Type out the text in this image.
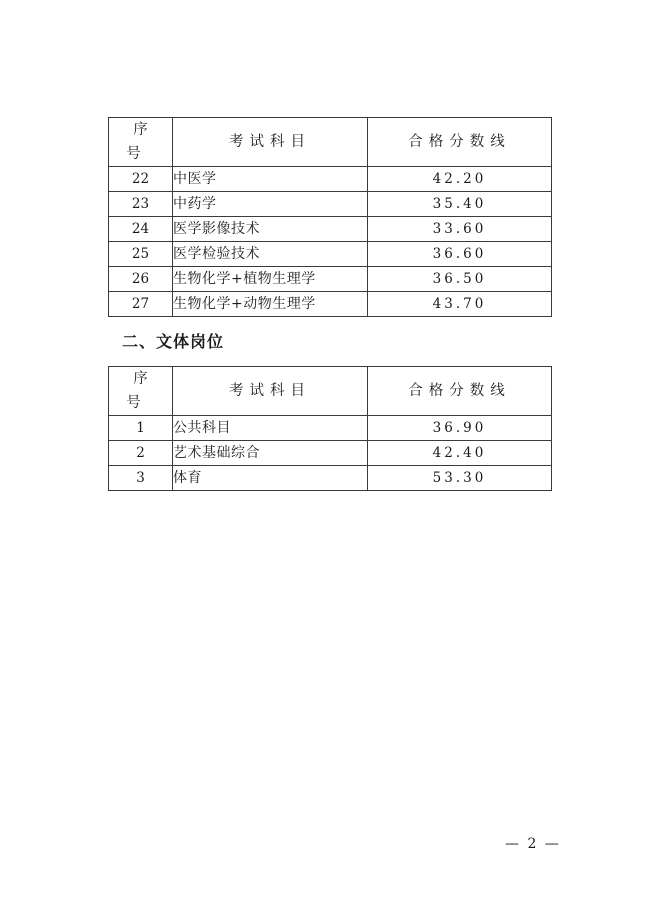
序 号	考试科目	合格分数线
22	中医学	42.20
23	中药学	35.40
24	医学影像技术	33.60
25	医学检验技术	36.60
26	生物化学+植物生理学	36.50
27	生物化学+动物生理学	43.70
二、文体岗位
序 号	考试科目	合格分数线
1	公共科目	36.90
2	艺术基础综合	42.40
3	体育	53.30
— 2 —
